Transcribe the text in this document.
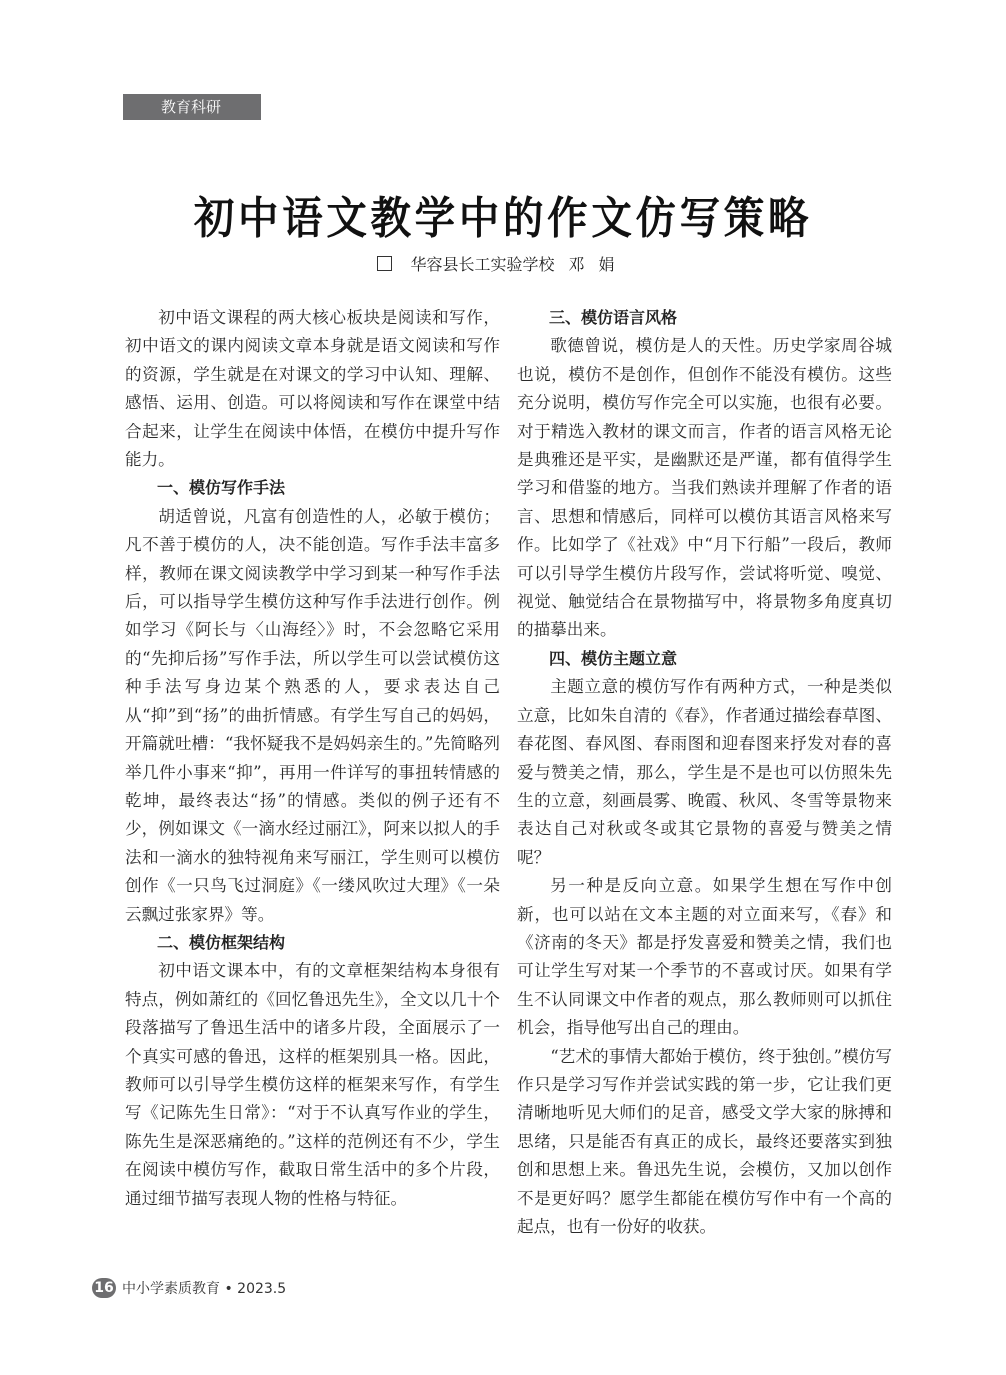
教育科研
初中语文教学中的作文仿写策略
华容县长工实验学校 邓娟

初中语文课程的两大核心板块是阅读和写作，初中语文的课内阅读文章本身就是语文阅读和写作的资源，学生就是在对课文的学习中认知、理解、感悟、运用、创造。可以将阅读和写作在课堂中结合起来，让学生在阅读中体悟，在模仿中提升写作能力。

一、模仿写作手法

胡适曾说，凡富有创造性的人，必敏于模仿；凡不善于模仿的人，决不能创造。写作手法丰富多样，教师在课文阅读教学中学习到某一种写作手法后，可以指导学生模仿这种写作手法进行创作。例如学习《阿长与〈山海经〉》时，不会忽略它采用的“先抑后扬”写作手法，所以学生可以尝试模仿这种手法写身边某个熟悉的人，要求表达自己从“抑”到“扬”的曲折情感。有学生写自己的妈妈，开篇就吐槽：“我怀疑我不是妈妈亲生的。”先简略列举几件小事来“抑”，再用一件详写的事扭转情感的乾坤，最终表达“扬”的情感。类似的例子还有不少，例如课文《一滴水经过丽江》，阿来以拟人的手法和一滴水的独特视角来写丽江，学生则可以模仿创作《一只鸟飞过洞庭》《一缕风吹过大理》《一朵云飘过张家界》等。

二、模仿框架结构

初中语文课本中，有的文章框架结构本身很有特点，例如萧红的《回忆鲁迅先生》，全文以几十个段落描写了鲁迅生活中的诸多片段，全面展示了一个真实可感的鲁迅，这样的框架别具一格。因此，教师可以引导学生模仿这样的框架来写作，有学生写《记陈先生日常》：“对于不认真写作业的学生，陈先生是深恶痛绝的。”这样的范例还有不少，学生在阅读中模仿写作，截取日常生活中的多个片段，通过细节描写表现人物的性格与特征。

三、模仿语言风格

歌德曾说，模仿是人的天性。历史学家周谷城也说，模仿不是创作，但创作不能没有模仿。这些充分说明，模仿写作完全可以实施，也很有必要。对于精选入教材的课文而言，作者的语言风格无论是典雅还是平实，是幽默还是严谨，都有值得学生学习和借鉴的地方。当我们熟读并理解了作者的语言、思想和情感后，同样可以模仿其语言风格来写作。比如学了《社戏》中“月下行船”一段后，教师可以引导学生模仿片段写作，尝试将听觉、嗅觉、视觉、触觉结合在景物描写中，将景物多角度真切的描摹出来。

四、模仿主题立意

主题立意的模仿写作有两种方式，一种是类似立意，比如朱自清的《春》，作者通过描绘春草图、春花图、春风图、春雨图和迎春图来抒发对春的喜爱与赞美之情，那么，学生是不是也可以仿照朱先生的立意，刻画晨雾、晚霞、秋风、冬雪等景物来表达自己对秋或冬或其它景物的喜爱与赞美之情呢？

另一种是反向立意。如果学生想在写作中创新，也可以站在文本主题的对立面来写，《春》和《济南的冬天》都是抒发喜爱和赞美之情，我们也可让学生写对某一个季节的不喜或讨厌。如果有学生不认同课文中作者的观点，那么教师则可以抓住机会，指导他写出自己的理由。

“艺术的事情大都始于模仿，终于独创。”模仿写作只是学习写作并尝试实践的第一步，它让我们更清晰地听见大师们的足音，感受文学大家的脉搏和思绪，只是能否有真正的成长，最终还要落实到独创和思想上来。鲁迅先生说，会模仿，又加以创作不是更好吗？愿学生都能在模仿写作中有一个高的起点，也有一份好的收获。

16 中小学素质教育 • 2023.5
